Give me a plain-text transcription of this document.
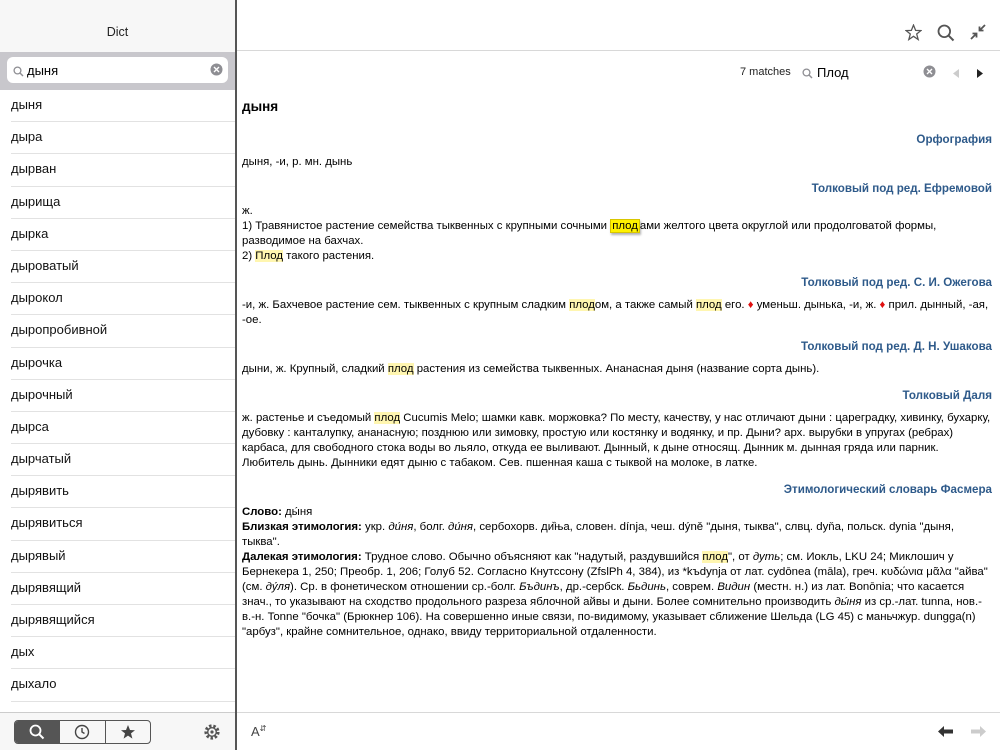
Dict
дыня
дыня
дыра
дырван
дырища
дырка
дыроватый
дырокол
дыропробивной
дырочка
дырочный
дырса
дырчатый
дырявить
дырявиться
дырявый
дырявящий
дырявящийся
дых
дыхало
7 matches
Плод
дыня
Орфография
дыня, -и, р. мн. дынь
Толковый под ред. Ефремовой
ж.
1) Травянистое растение семейства тыквенных с крупными сочными плод ами желтого цвета округлой или продолговатой формы, разводимое на бахчах.
2) Плод такого растения.
Толковый под ред. С. И. Ожегова
-и, ж. Бахчевое растение сем. тыквенных с крупным сладким плодом, а также самый плод его. ♦ уменьш. дынька, -и, ж. ♦ прил. дынный, -ая, -ое.
Толковый под ред. Д. Н. Ушакова
дыни, ж. Крупный, сладкий плод растения из семейства тыквенных. Ананасная дыня (название сорта дынь).
Толковый Даля
ж. растенье и съедомый плод Cucumis Melo; шамки кавк. моржовка? По месту, качеству, у нас отличают дыни : цареградку, хивинку, бухарку, дубовку : канталупку, ананасную; позднюю или зимовку, простую или костянку и водянку, и пр. Дыни? арх. вырубки в упругах (ребрах) карбаса, для свободного стока воды во льяло, откуда ее выливают. Дынный, к дыне относящ. Дынник м. дынная гряда или парник. Любитель дынь. Дынники едят дыню с табаком. Сев. пшенная каша с тыквой на молоке, в латке.
Этимологический словарь Фасмера
Слово: ды́ня
Близкая этимология: укр. ди́ня, болг. ди́ня, сербохорв. ди̏ња, словен. dínja, чеш. dýně "дыня, тыква", слвц. dyňa, польск. dynia "дыня, тыква".
Далекая этимология: Трудное слово. Обычно объясняют как "надутый, раздувшийся плод", от дуть; см. Иокль, LKU 24; Миклошич у Бернекера 1, 250; Преобр. 1, 206; Голуб 52. Согласно Кнутссону (ZfslPh 4, 384), из *kъdynja от лат. cydōnea (māla), греч. κυδώνια μᾶλα "айва" (см. ду́ля). Ср. в фонетическом отношении ср.-болг. Бъдинъ, др.-сербск. Бьдинь, соврем. Видин (местн. н.) из лат. Bonōnia; что касается знач., то указывают на сходство продольного разреза яблочной айвы и дыни. Более сомнительно производить ды́ня из ср.-лат. tunna, нов.-в.-н. Tonne "бочка" (Брюкнер 106). На совершенно иные связи, по-видимому, указывает сближение Шельда (LG 45) с маньчжур. dungga(n) "арбуз", крайне сомнительное, однако, ввиду территориальной отдаленности.
A⇵
